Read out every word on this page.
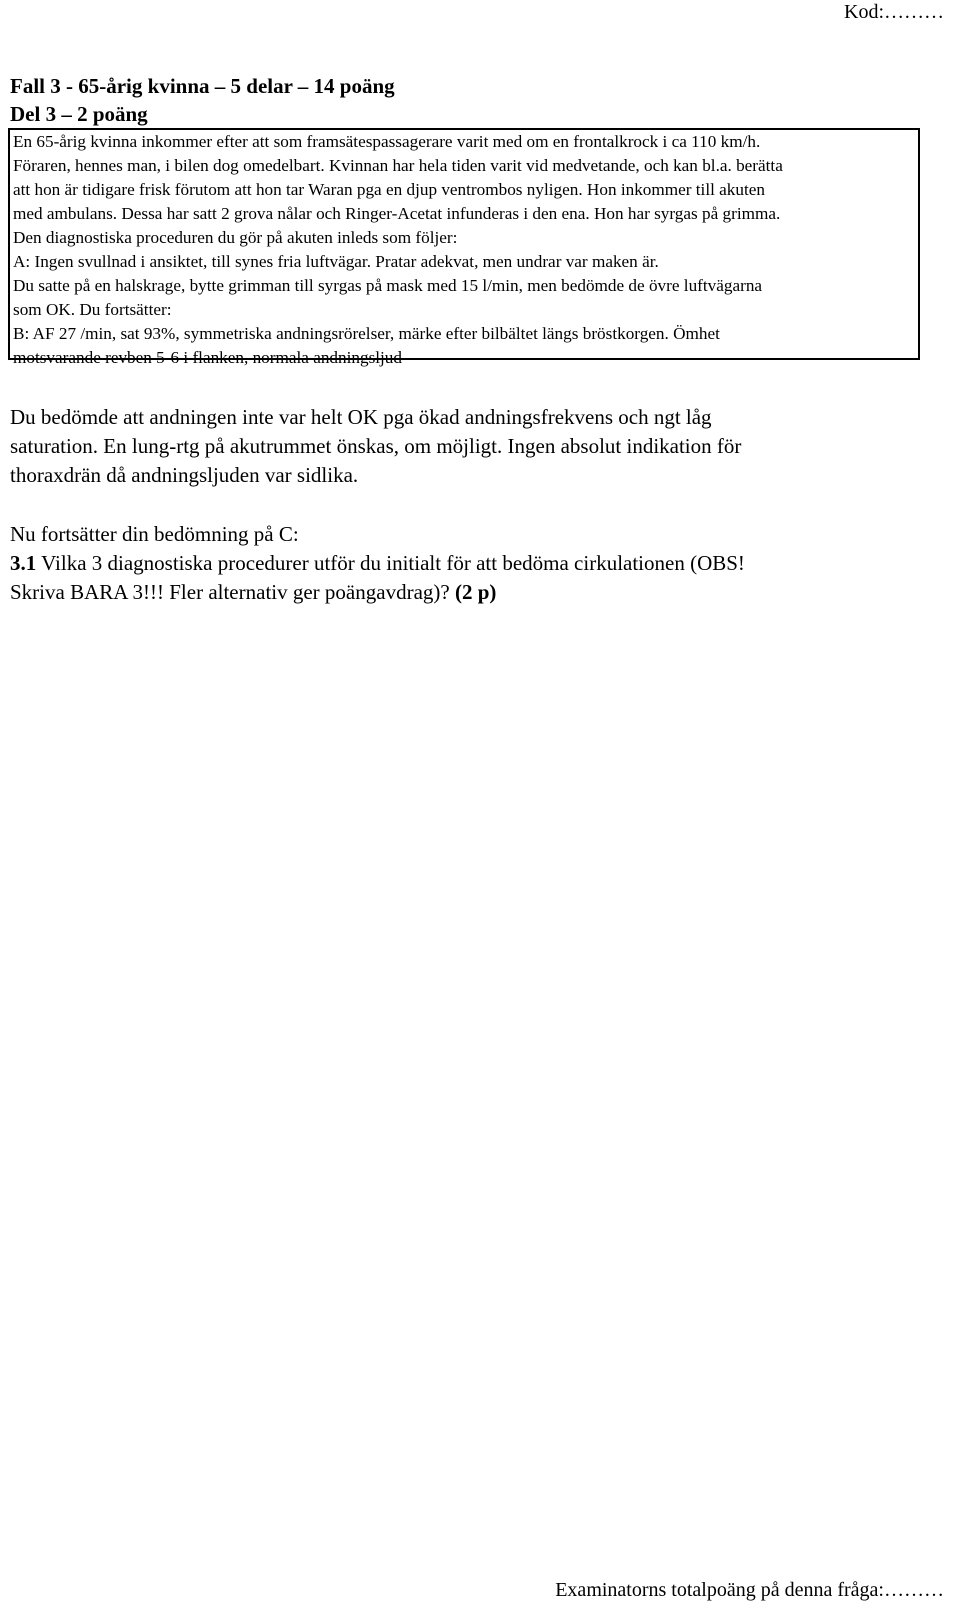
Kod:………
Fall 3 - 65-årig kvinna – 5 delar – 14 poäng
Del 3 – 2 poäng
En 65-årig kvinna inkommer efter att som framsätespassagerare varit med om en frontalkrock i ca 110 km/h.
Föraren, hennes man, i bilen dog omedelbart. Kvinnan har hela tiden varit vid medvetande, och kan bl.a. berätta
att hon är tidigare frisk förutom att hon tar Waran pga en djup ventrombos nyligen. Hon inkommer till akuten
med ambulans. Dessa har satt 2 grova nålar och Ringer-Acetat infunderas i den ena. Hon har syrgas på grimma.
Den diagnostiska proceduren du gör på akuten inleds som följer:
A: Ingen svullnad i ansiktet, till synes fria luftvägar. Pratar adekvat, men undrar var maken är.
Du satte på en halskrage, bytte grimman till syrgas på mask med 15 l/min, men bedömde de övre luftvägarna
som OK. Du fortsätter:
B: AF 27 /min, sat 93%, symmetriska andningsrörelser, märke efter bilbältet längs bröstkorgen. Ömhet
motsvarande revben 5-6 i flanken, normala andningsljud
Du bedömde att andningen inte var helt OK pga ökad andningsfrekvens och ngt låg
saturation. En lung-rtg på akutrummet önskas, om möjligt. Ingen absolut indikation för
thoraxdrän då andningsljuden var sidlika.
Nu fortsätter din bedömning på C:
3.1 Vilka 3 diagnostiska procedurer utför du initialt för att bedöma cirkulationen (OBS!
Skriva BARA 3!!! Fler alternativ ger poängavdrag)? (2 p)
Examinatorns totalpoäng på denna fråga:………
